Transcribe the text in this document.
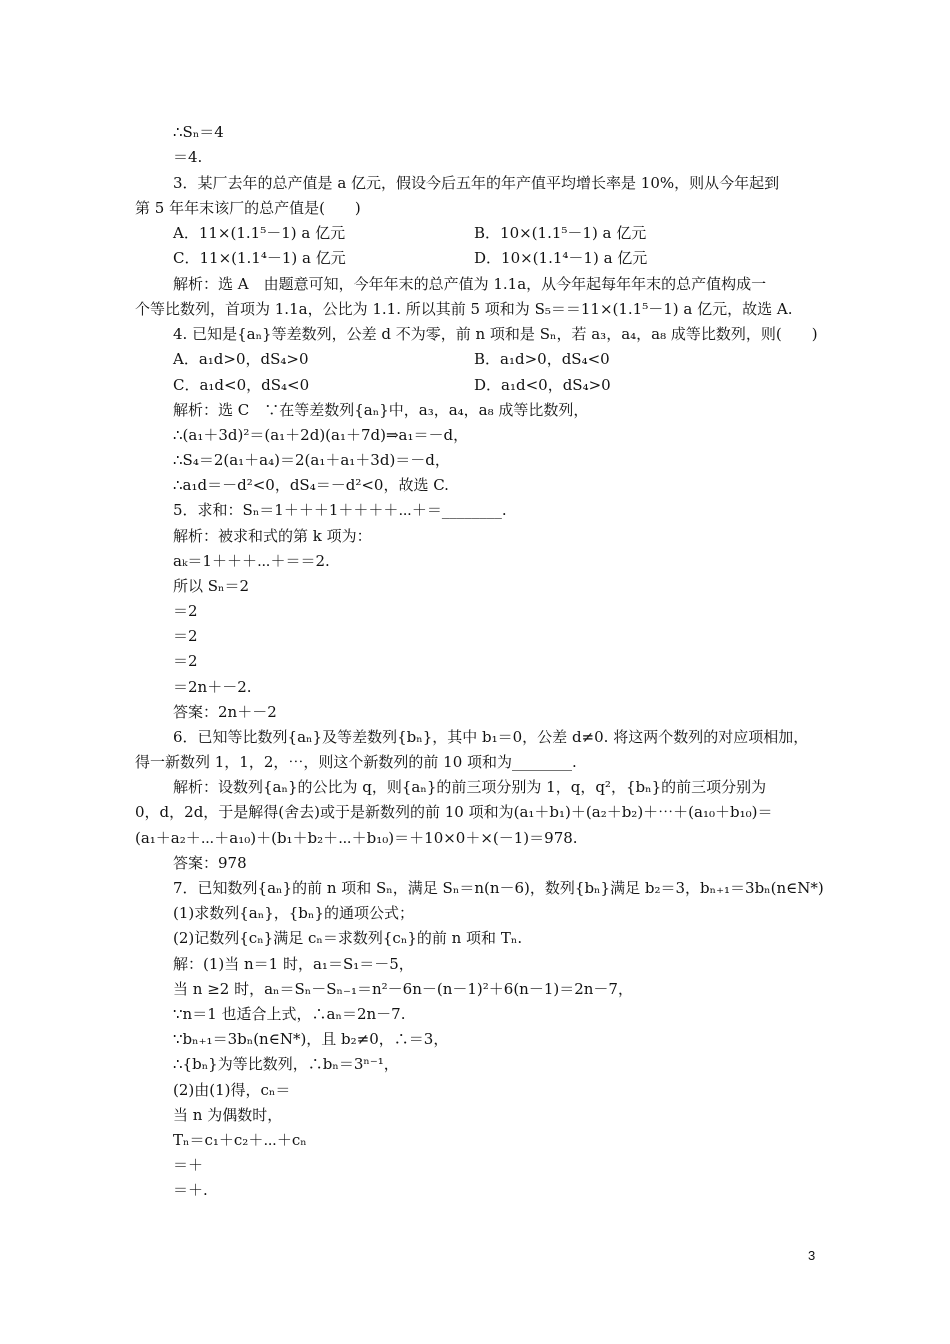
∴Sₙ＝4
＝4.
3．某厂去年的总产值是 a 亿元，假设今后五年的年产值平均增长率是 10%，则从今年起到
第 5 年年末该厂的总产值是(　　)
A．11×(1.1⁵－1) a 亿元	B．10×(1.1⁵－1) a 亿元
C．11×(1.1⁴－1) a 亿元	D．10×(1.1⁴－1) a 亿元
解析：选 A　由题意可知，今年年末的总产值为 1.1a，从今年起每年年末的总产值构成一
个等比数列，首项为 1.1a，公比为 1.1. 所以其前 5 项和为 S₅＝＝11×(1.1⁵－1) a 亿元，故选 A.
4. 已知是{aₙ}等差数列，公差 d 不为零，前 n 项和是 Sₙ，若 a₃，a₄，a₈ 成等比数列，则(　　)
A．a₁d>0，dS₄>0	B．a₁d>0，dS₄<0
C．a₁d<0，dS₄<0	D．a₁d<0，dS₄>0
解析：选 C　∵在等差数列{aₙ}中，a₃，a₄，a₈ 成等比数列，
∴(a₁＋3d)²＝(a₁＋2d)(a₁＋7d)⇒a₁＝－d，
∴S₄＝2(a₁＋a₄)＝2(a₁＋a₁＋3d)＝－d，
∴a₁d＝－d²<0，dS₄＝－d²<0，故选 C.
5．求和：Sₙ＝1＋＋＋1＋＋＋＋⋯＋＝________.
解析：被求和式的第 k 项为：
aₖ＝1＋＋＋⋯＋＝＝2.
所以 Sₙ＝2
＝2
＝2
＝2
＝2n＋－2.
答案：2n＋－2
6．已知等比数列{aₙ}及等差数列{bₙ}，其中 b₁＝0，公差 d≠0. 将这两个数列的对应项相加，
得一新数列 1，1，2，⋯，则这个新数列的前 10 项和为________.
解析：设数列{aₙ}的公比为 q，则{aₙ}的前三项分别为 1，q，q²，{bₙ}的前三项分别为
0，d，2d，于是解得(舍去)或于是新数列的前 10 项和为(a₁＋b₁)＋(a₂＋b₂)＋⋯＋(a₁₀＋b₁₀)＝
(a₁＋a₂＋⋯＋a₁₀)＋(b₁＋b₂＋⋯＋b₁₀)＝＋10×0＋×(－1)＝978.
答案：978
7．已知数列{aₙ}的前 n 项和 Sₙ，满足 Sₙ＝n(n－6)，数列{bₙ}满足 b₂＝3，bₙ₊₁＝3bₙ(n∈N*)
(1)求数列{aₙ}，{bₙ}的通项公式；
(2)记数列{cₙ}满足 cₙ＝求数列{cₙ}的前 n 项和 Tₙ.
解：(1)当 n＝1 时，a₁＝S₁＝－5，
当 n ≥2 时，aₙ＝Sₙ－Sₙ₋₁＝n²－6n－(n－1)²＋6(n－1)＝2n－7，
∵n＝1 也适合上式，∴aₙ＝2n－7.
∵bₙ₊₁＝3bₙ(n∈N*)，且 b₂≠0，∴＝3，
∴{bₙ}为等比数列，∴bₙ＝3ⁿ⁻¹，
(2)由(1)得，cₙ＝
当 n 为偶数时，
Tₙ＝c₁＋c₂＋⋯＋cₙ
＝＋
＝＋.
3
